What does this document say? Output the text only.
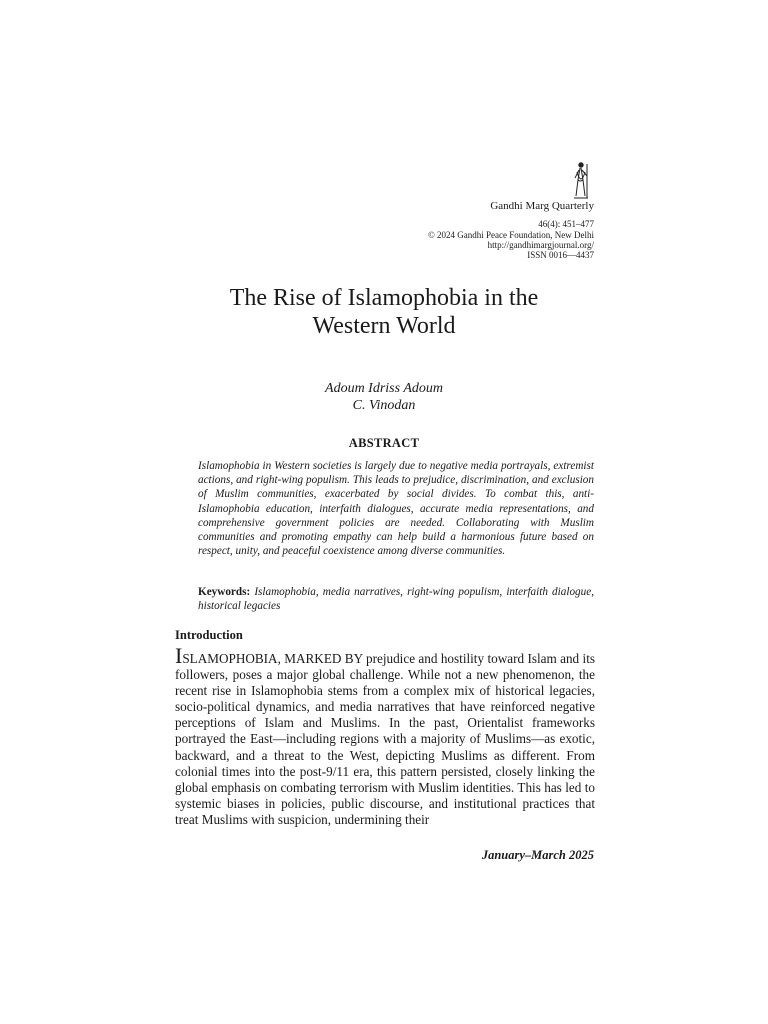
Gandhi Marg Quarterly
46(4): 451–477
© 2024 Gandhi Peace Foundation, New Delhi
http://gandhimargjournal.org/
ISSN 0016—4437
The Rise of Islamophobia in the
Western World
Adoum Idriss Adoum
C. Vinodan
ABSTRACT
Islamophobia in Western societies is largely due to negative media portrayals, extremist actions, and right-wing populism. This leads to prejudice, discrimination, and exclusion of Muslim communities, exacerbated by social divides. To combat this, anti-Islamophobia education, interfaith dialogues, accurate media representations, and comprehensive government policies are needed. Collaborating with Muslim communities and promoting empathy can help build a harmonious future based on respect, unity, and peaceful coexistence among diverse communities.
Keywords: Islamophobia, media narratives, right-wing populism, interfaith dialogue, historical legacies
Introduction
ISLAMOPHOBIA, MARKED BY prejudice and hostility toward Islam and its followers, poses a major global challenge. While not a new phenomenon, the recent rise in Islamophobia stems from a complex mix of historical legacies, socio-political dynamics, and media narratives that have reinforced negative perceptions of Islam and Muslims. In the past, Orientalist frameworks portrayed the East—including regions with a majority of Muslims—as exotic, backward, and a threat to the West, depicting Muslims as different. From colonial times into the post-9/11 era, this pattern persisted, closely linking the global emphasis on combating terrorism with Muslim identities. This has led to systemic biases in policies, public discourse, and institutional practices that treat Muslims with suspicion, undermining their
January–March 2025
